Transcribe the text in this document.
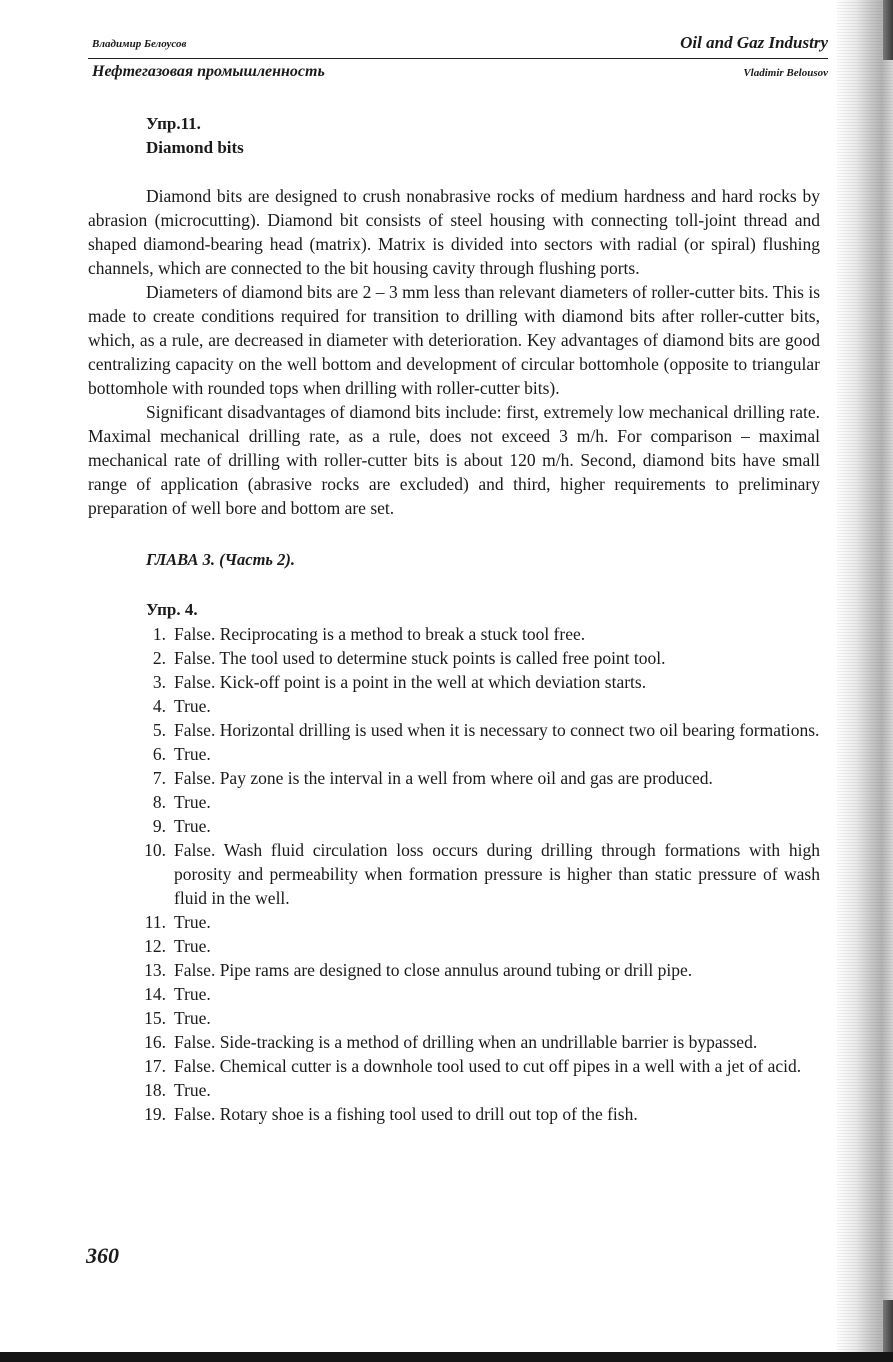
Владимир Белоусов	Oil and Gaz Industry
Нефтегазовая промышленность	Vladimir Belousov
Упр.11.
Diamond bits

Diamond bits are designed to crush nonabrasive rocks of medium hardness and hard rocks by abrasion (microcutting). Diamond bit consists of steel housing with connecting toll-joint thread and shaped diamond-bearing head (matrix). Matrix is divided into sectors with radial (or spiral) flushing channels, which are connected to the bit housing cavity through flushing ports.

Diameters of diamond bits are 2 – 3 mm less than relevant diameters of roller-cutter bits. This is made to create conditions required for transition to drilling with diamond bits after roller-cutter bits, which, as a rule, are decreased in diameter with deterioration. Key advantages of diamond bits are good centralizing capacity on the well bottom and development of circular bottomhole (opposite to triangular bottomhole with rounded tops when drilling with roller-cutter bits).

Significant disadvantages of diamond bits include: first, extremely low mechanical drilling rate. Maximal mechanical drilling rate, as a rule, does not exceed 3 m/h. For comparison – maximal mechanical rate of drilling with roller-cutter bits is about 120 m/h. Second, diamond bits have small range of application (abrasive rocks are excluded) and third, higher requirements to preliminary preparation of well bore and bottom are set.

ГЛАВА 3. (Часть 2).
Упр. 4.
1. False. Reciprocating is a method to break a stuck tool free.
2. False. The tool used to determine stuck points is called free point tool.
3. False. Kick-off point is a point in the well at which deviation starts.
4. True.
5. False. Horizontal drilling is used when it is necessary to connect two oil bearing formations.
6. True.
7. False. Pay zone is the interval in a well from where oil and gas are produced.
8. True.
9. True.
10. False. Wash fluid circulation loss occurs during drilling through formations with high porosity and permeability when formation pressure is higher than static pressure of wash fluid in the well.
11. True.
12. True.
13. False. Pipe rams are designed to close annulus around tubing or drill pipe.
14. True.
15. True.
16. False. Side-tracking is a method of drilling when an undrillable barrier is bypassed.
17. False. Chemical cutter is a downhole tool used to cut off pipes in a well with a jet of acid.
18. True.
19. False. Rotary shoe is a fishing tool used to drill out top of the fish.
360
